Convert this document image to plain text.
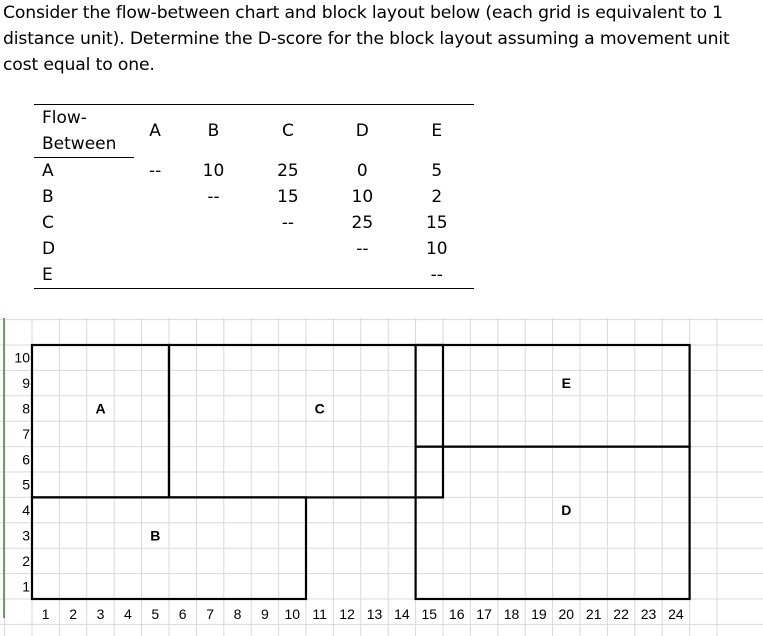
Consider the flow-between chart and block layout below (each grid is equivalent to 1 distance unit). Determine the D-score for the block layout assuming a movement unit cost equal to one.
Flow-	A	B	C	D	E
Between					
A	--	10	25	0	5
B		--	15	10	2
C			--	25	15
D				--	10
E					--
A
B
C
E
D
1 2 3 4 5 6 7 8 9 10 11 12 13 14 15 16 17 18 19 20 21 22 23 24
1
2
3
4
5
6
7
8
9
10
